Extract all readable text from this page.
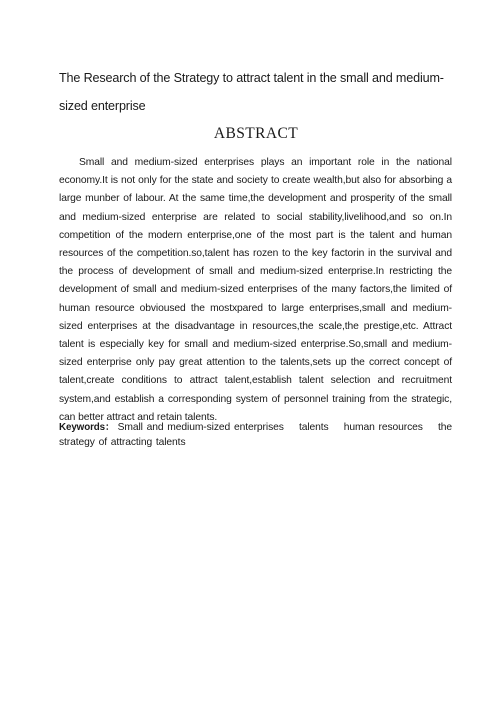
The Research of the Strategy to attract talent in the small and medium-sized enterprise
ABSTRACT

Small and medium-sized enterprises plays an important role in the national economy.It is not only for the state and society to create wealth,but also for absorbing a large munber of labour. At the same time,the development and prosperity of the small and medium-sized enterprise are related to social stability,livelihood,and so on.In competition of the modern enterprise,one of the most part is the talent and human resources of the competition.so,talent has rozen to the key factorin in the survival and the process of development of small and medium-sized enterprise.In restricting the development of small and medium-sized enterprises of the many factors,the limited of human resource obvioused the mostxpared to large enterprises,small and medium-sized enterprises at the disadvantage in resources,the scale,the prestige,etc. Attract talent is especially key for small and medium-sized enterprise.So,small and medium-sized enterprise only pay great attention to the talents,sets up the correct concept of talent,create conditions to attract talent,establish talent selection and recruitment system,and establish a corresponding system of personnel training from the strategic, can better attract and retain talents.

Keywords： Small and medium-sized enterprises    talents    human resources    the strategy of attracting talents
